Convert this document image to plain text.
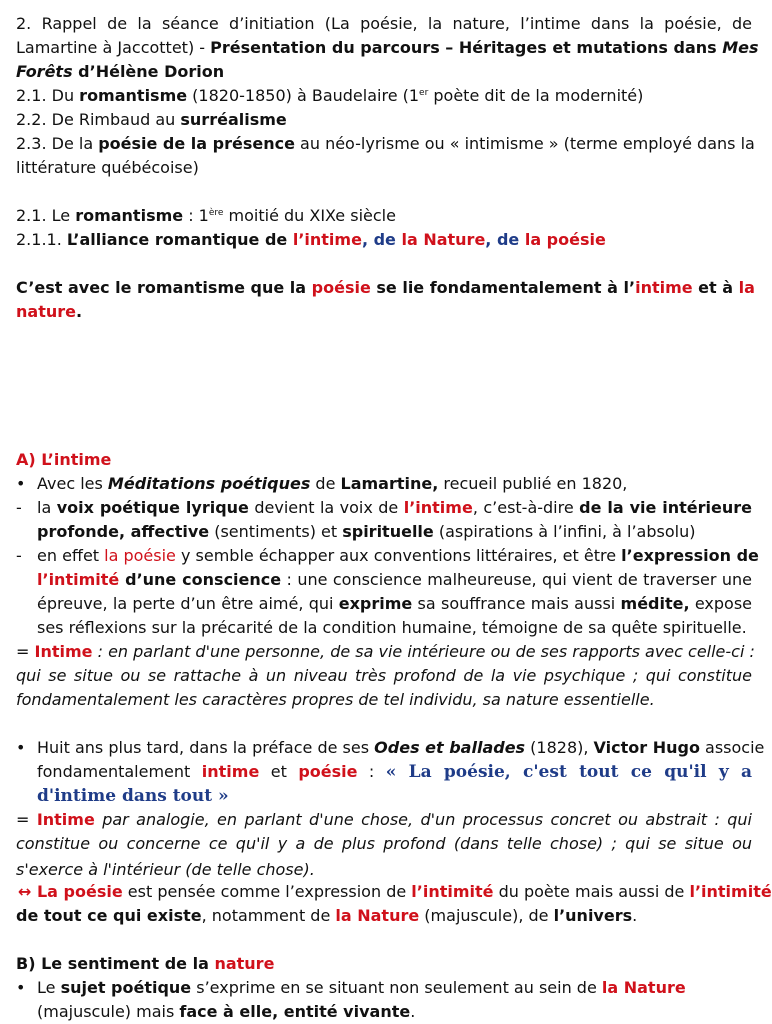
2. Rappel de la séance d’initiation (La poésie, la nature, l’intime dans la poésie, de
Lamartine à Jaccottet) - Présentation du parcours – Héritages et mutations dans Mes
Forêts d’Hélène Dorion
2.1. Du romantisme (1820-1850) à Baudelaire (1er poète dit de la modernité)
2.2. De Rimbaud au surréalisme
2.3. De la poésie de la présence au néo-lyrisme ou « intimisme » (terme employé dans la
littérature québécoise)
2.1. Le romantisme : 1ère moitié du XIXe siècle
2.1.1. L’alliance romantique de l’intime, de la Nature, de la poésie
C’est avec le romantisme que la poésie se lie fondamentalement à l’intime et à la
nature.
A) L’intime
• Avec les Méditations poétiques de Lamartine, recueil publié en 1820,
- la voix poétique lyrique devient la voix de l’intime, c’est-à-dire de la vie intérieure
profonde, affective (sentiments) et spirituelle (aspirations à l’infini, à l’absolu)
- en effet la poésie y semble échapper aux conventions littéraires, et être l’expression de
l’intimité d’une conscience : une conscience malheureuse, qui vient de traverser une
épreuve, la perte d’un être aimé, qui exprime sa souffrance mais aussi médite, expose
ses réflexions sur la précarité de la condition humaine, témoigne de sa quête spirituelle.
= Intime : en parlant d'une personne, de sa vie intérieure ou de ses rapports avec celle-ci :
qui se situe ou se rattache à un niveau très profond de la vie psychique ; qui constitue
fondamentalement les caractères propres de tel individu, sa nature essentielle.
• Huit ans plus tard, dans la préface de ses Odes et ballades (1828), Victor Hugo associe
fondamentalement intime et poésie : « La poésie, c'est tout ce qu'il y a
d'intime dans tout »
= Intime par analogie, en parlant d'une chose, d'un processus concret ou abstrait : qui
constitue ou concerne ce qu'il y a de plus profond (dans telle chose) ; qui se situe ou
s'exerce à l'intérieur (de telle chose).
↔ La poésie est pensée comme l’expression de l’intimité du poète mais aussi de l’intimité
de tout ce qui existe, notamment de la Nature (majuscule), de l’univers.
B) Le sentiment de la nature
• Le sujet poétique s’exprime en se situant non seulement au sein de la Nature
(majuscule) mais face à elle, entité vivante.
